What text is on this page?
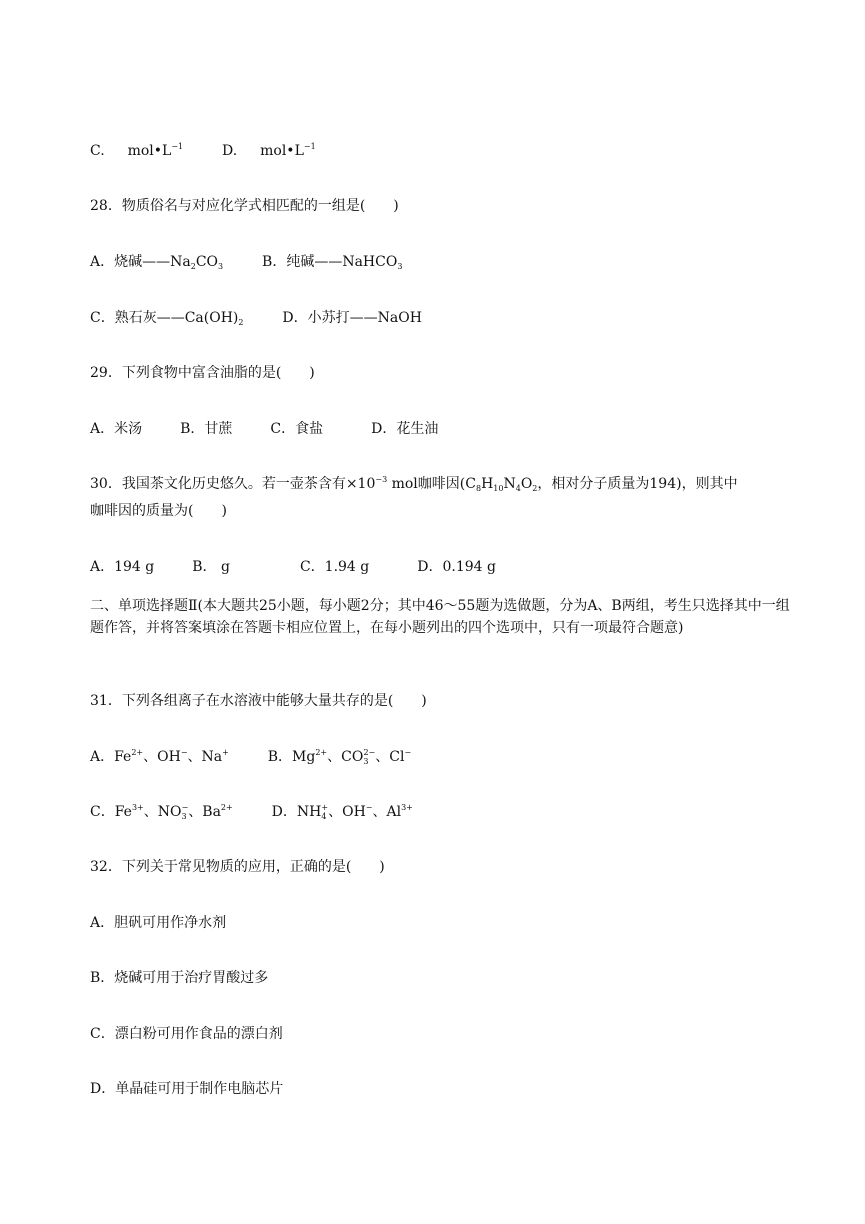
C. $mol•L^{-1}$	D. $mol•L^{-1}$
28．物质俗名与对应化学式相匹配的一组是(　　)
A．烧碱$——Na_2CO_3$	B．纯碱——NaHCO$_3$
C．熟石灰$——Ca(OH)_2$	D．小苏打——NaOH
29．下列食物中富含油脂的是(　　)
A．米汤	B．甘蔗	C．食盐	D．花生油
30．我国茶文化历史悠久。若一壶茶含有$\times 10^{-3}$ mol咖啡因($C_8H_{10}N_4O_2$，相对分子质量为194)，则其中
咖啡因的质量为(　　)
A．194 g	B． g	C．1.94 g	D．0.194 g
二、单项选择题Ⅱ(本大题共25小题，每小题2分；其中46～55题为选做题，分为A、B两组，考生只选择其中一组题作答，并将答案填涂在答题卡相应位置上，在每小题列出的四个选项中，只有一项最符合题意)
31．下列各组离子在水溶液中能够大量共存的是(　　)
A．$Fe^{2+}$、OH−、Na+	B．$Mg^{2+}$、$CO_3^{2-}$、Cl−
C．$Fe^{3+}$、$NO_3^-$、$Ba^{2+}$	D．$NH_4^+$、OH−、$Al^{3+}$
32．下列关于常见物质的应用，正确的是(　　)
A．胆矾可用作净水剂
B．烧碱可用于治疗胃酸过多
C．漂白粉可用作食品的漂白剂
D．单晶硅可用于制作电脑芯片
